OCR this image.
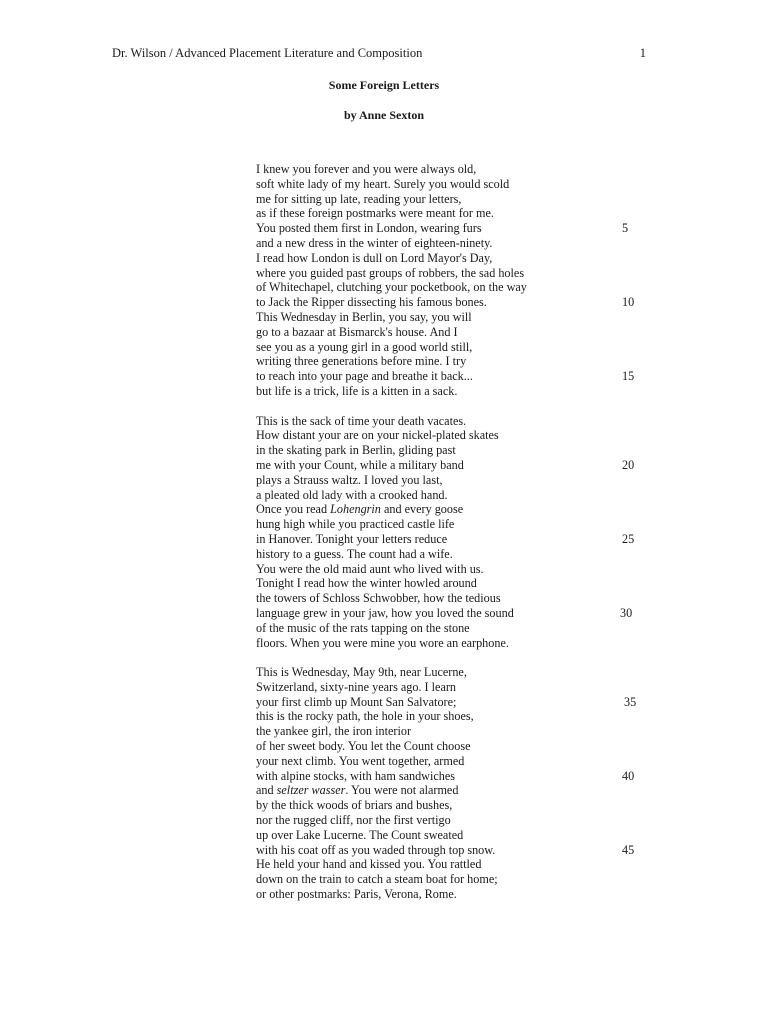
Dr. Wilson / Advanced Placement Literature and Composition	1
Some Foreign Letters
by Anne Sexton
I knew you forever and you were always old,
soft white lady of my heart. Surely you would scold
me for sitting up late, reading your letters,
as if these foreign postmarks were meant for me.
You posted them first in London, wearing furs	5
and a new dress in the winter of eighteen-ninety.
I read how London is dull on Lord Mayor's Day,
where you guided past groups of robbers, the sad holes
of Whitechapel, clutching your pocketbook, on the way
to Jack the Ripper dissecting his famous bones.	10
This Wednesday in Berlin, you say, you will
go to a bazaar at Bismarck's house. And I
see you as a young girl in a good world still,
writing three generations before mine. I try
to reach into your page and breathe it back...	15
but life is a trick, life is a kitten in a sack.
This is the sack of time your death vacates.
How distant your are on your nickel-plated skates
in the skating park in Berlin, gliding past
me with your Count, while a military band	20
plays a Strauss waltz. I loved you last,
a pleated old lady with a crooked hand.
Once you read Lohengrin and every goose
hung high while you practiced castle life
in Hanover. Tonight your letters reduce	25
history to a guess. The count had a wife.
You were the old maid aunt who lived with us.
Tonight I read how the winter howled around
the towers of Schloss Schwobber, how the tedious
language grew in your jaw, how you loved the sound	30
of the music of the rats tapping on the stone
floors. When you were mine you wore an earphone.
This is Wednesday, May 9th, near Lucerne,
Switzerland, sixty-nine years ago. I learn
your first climb up Mount San Salvatore;	35
this is the rocky path, the hole in your shoes,
the yankee girl, the iron interior
of her sweet body. You let the Count choose
your next climb. You went together, armed
with alpine stocks, with ham sandwiches	40
and seltzer wasser. You were not alarmed
by the thick woods of briars and bushes,
nor the rugged cliff, nor the first vertigo
up over Lake Lucerne. The Count sweated
with his coat off as you waded through top snow.	45
He held your hand and kissed you. You rattled
down on the train to catch a steam boat for home;
or other postmarks: Paris, Verona, Rome.
